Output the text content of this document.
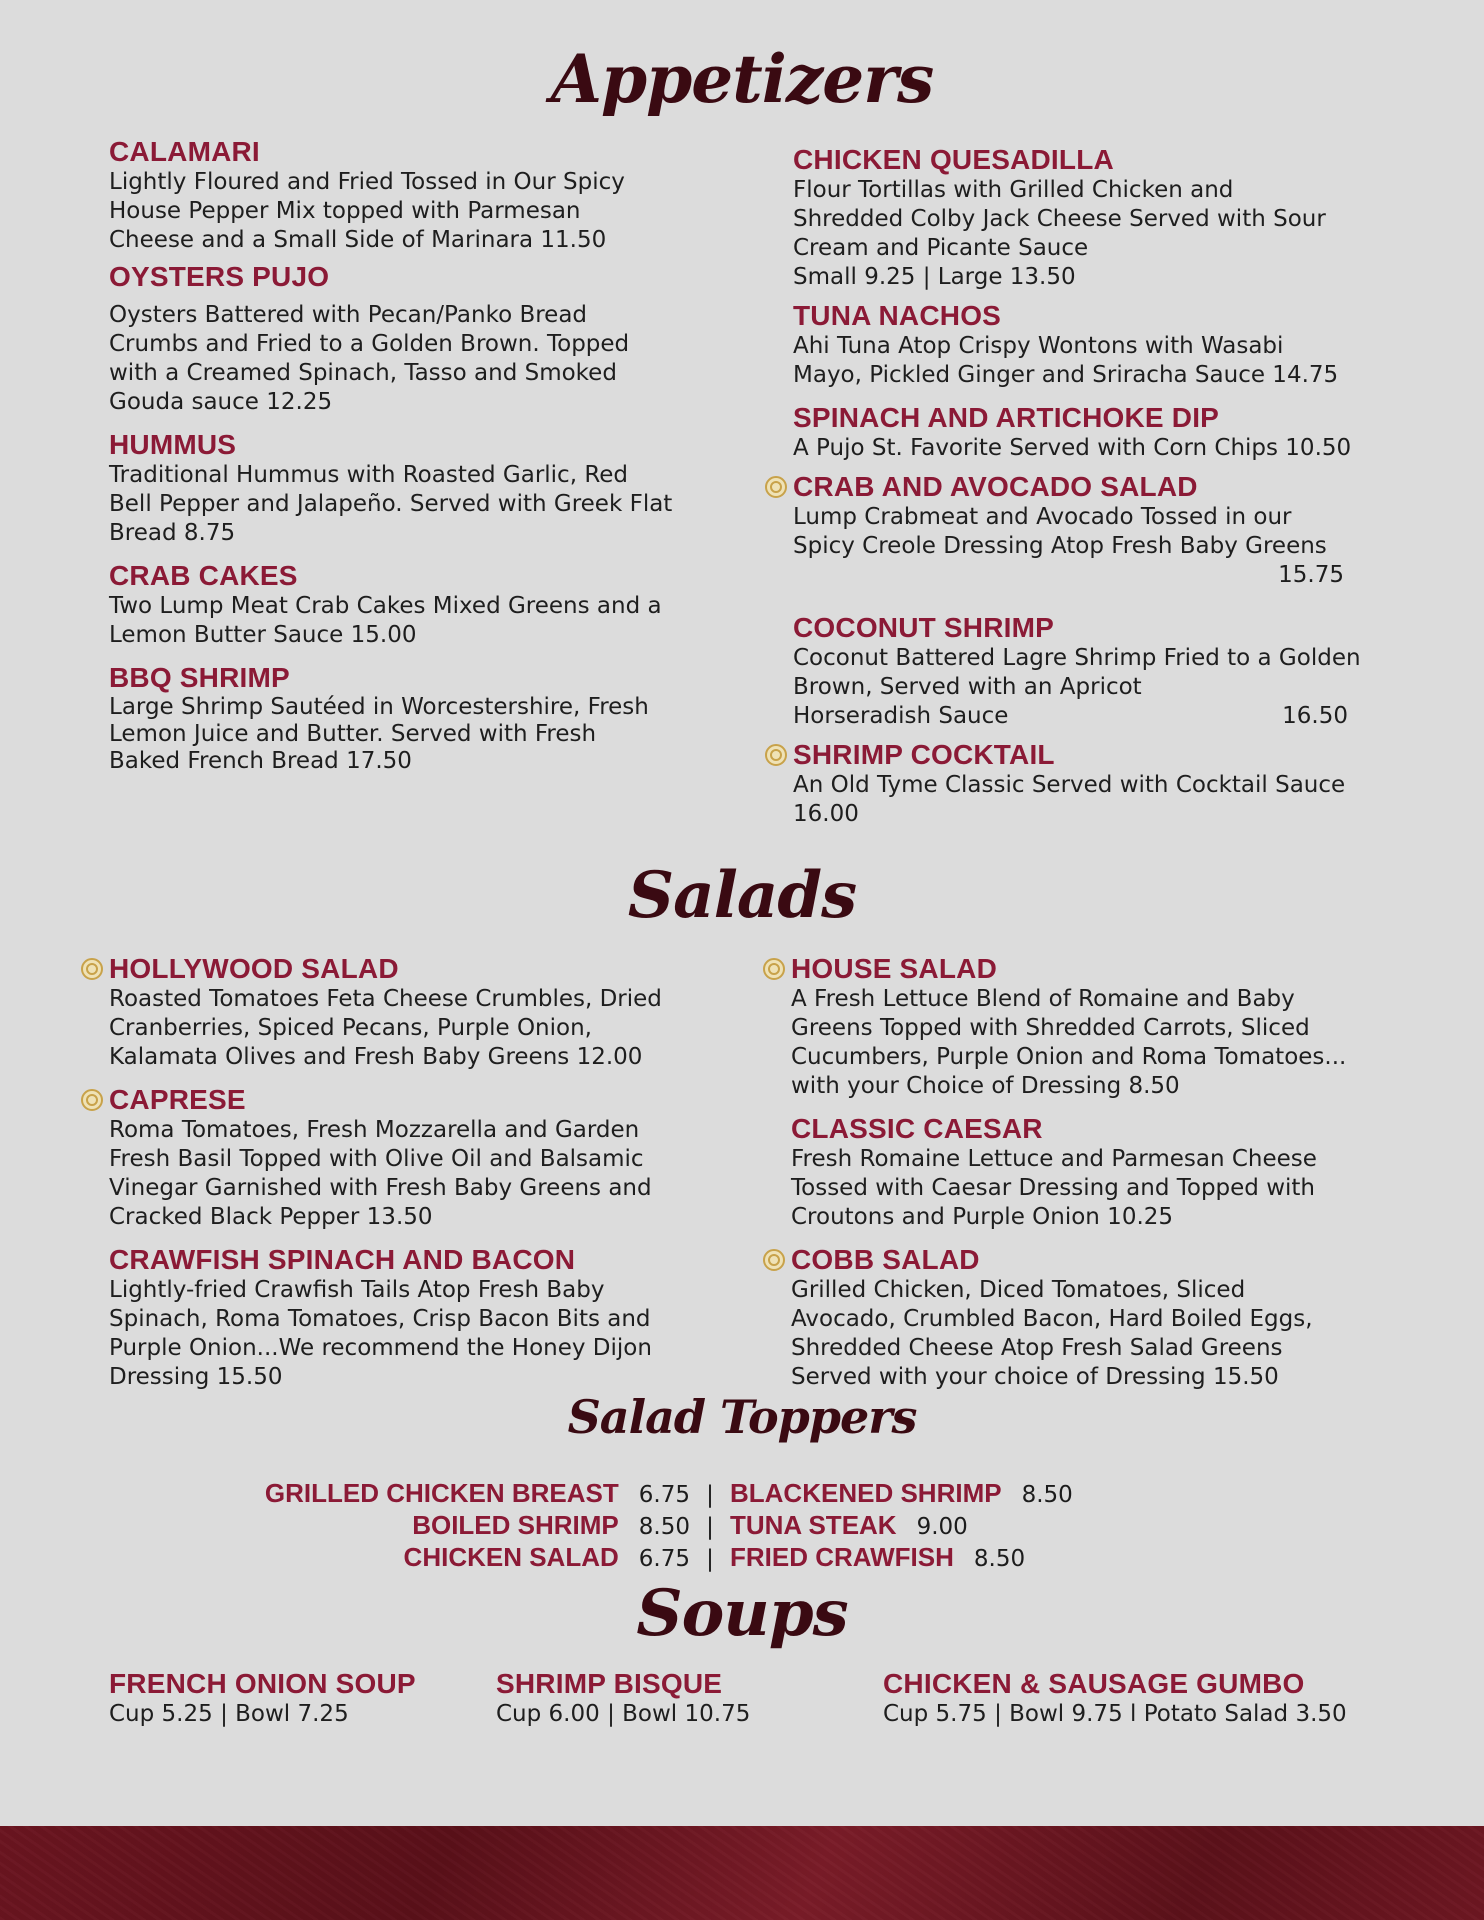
Appetizers
CALAMARI
Lightly Floured and Fried Tossed in Our Spicy
House Pepper Mix topped with Parmesan
Cheese and a Small Side of Marinara 11.50
OYSTERS PUJO
Oysters Battered with Pecan/Panko Bread
Crumbs and Fried to a Golden Brown. Topped
with a Creamed Spinach, Tasso and Smoked
Gouda sauce 12.25
HUMMUS
Traditional Hummus with Roasted Garlic, Red
Bell Pepper and Jalapeño. Served with Greek Flat
Bread 8.75
CRAB CAKES
Two Lump Meat Crab Cakes Mixed Greens and a
Lemon Butter Sauce 15.00
BBQ SHRIMP
Large Shrimp Sautéed in Worcestershire, Fresh
Lemon Juice and Butter. Served with Fresh
Baked French Bread 17.50
CHICKEN QUESADILLA
Flour Tortillas with Grilled Chicken and
Shredded Colby Jack Cheese Served with Sour
Cream and Picante Sauce
Small 9.25 | Large 13.50
TUNA NACHOS
Ahi Tuna Atop Crispy Wontons with Wasabi
Mayo, Pickled Ginger and Sriracha Sauce 14.75
SPINACH AND ARTICHOKE DIP
A Pujo St. Favorite Served with Corn Chips 10.50
CRAB AND AVOCADO SALAD
Lump Crabmeat and Avocado Tossed in our
Spicy Creole Dressing Atop Fresh Baby Greens
15.75
COCONUT SHRIMP
Coconut Battered Lagre Shrimp Fried to a Golden
Brown, Served with an Apricot
Horseradish Sauce	16.50
SHRIMP COCKTAIL
An Old Tyme Classic Served with Cocktail Sauce
16.00
Salads
HOLLYWOOD SALAD
Roasted Tomatoes Feta Cheese Crumbles, Dried
Cranberries, Spiced Pecans, Purple Onion,
Kalamata Olives and Fresh Baby Greens 12.00
CAPRESE
Roma Tomatoes, Fresh Mozzarella and Garden
Fresh Basil Topped with Olive Oil and Balsamic
Vinegar Garnished with Fresh Baby Greens and
Cracked Black Pepper 13.50
CRAWFISH SPINACH AND BACON
Lightly-fried Crawfish Tails Atop Fresh Baby
Spinach, Roma Tomatoes, Crisp Bacon Bits and
Purple Onion...We recommend the Honey Dijon
Dressing 15.50
HOUSE SALAD
A Fresh Lettuce Blend of Romaine and Baby
Greens Topped with Shredded Carrots, Sliced
Cucumbers, Purple Onion and Roma Tomatoes...
with your Choice of Dressing 8.50
CLASSIC CAESAR
Fresh Romaine Lettuce and Parmesan Cheese
Tossed with Caesar Dressing and Topped with
Croutons and Purple Onion 10.25
COBB SALAD
Grilled Chicken, Diced Tomatoes, Sliced
Avocado, Crumbled Bacon, Hard Boiled Eggs,
Shredded Cheese Atop Fresh Salad Greens
Served with your choice of Dressing 15.50
Salad Toppers
GRILLED CHICKEN BREAST 6.75 | BLACKENED SHRIMP 8.50
BOILED SHRIMP 8.50 | TUNA STEAK 9.00
CHICKEN SALAD 6.75 | FRIED CRAWFISH 8.50
Soups
FRENCH ONION SOUP
Cup 5.25 | Bowl 7.25
SHRIMP BISQUE
Cup 6.00 | Bowl 10.75
CHICKEN & SAUSAGE GUMBO
Cup 5.75 | Bowl 9.75 l Potato Salad 3.50
